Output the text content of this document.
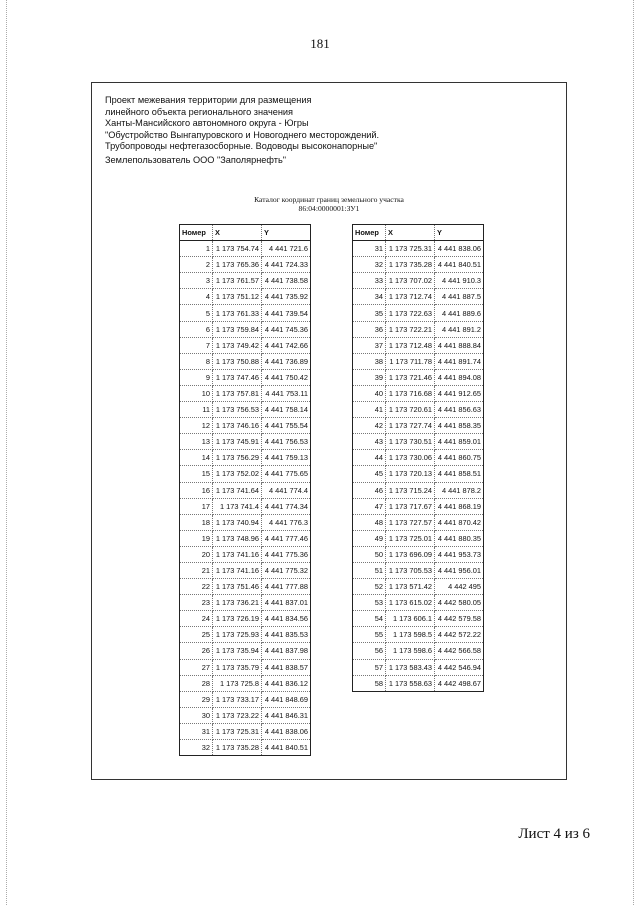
181
Проект межевания территории для размещения
линейного объекта регионального значения
Ханты-Мансийского автономного округа - Югры
"Обустройство Вынгапуровского и Новогоднего месторождений.
Трубопроводы нефтегазосборные. Водоводы высоконапорные"
Землепользователь ООО "Заполярнефть"
Каталог координат границ земельного участка
86:04:0000001:ЗУ1
Номер	X	Y
1	1 173 754.74	4 441 721.6
2	1 173 765.36	4 441 724.33
3	1 173 761.57	4 441 738.58
4	1 173 751.12	4 441 735.92
5	1 173 761.33	4 441 739.54
6	1 173 759.84	4 441 745.36
7	1 173 749.42	4 441 742.66
8	1 173 750.88	4 441 736.89
9	1 173 747.46	4 441 750.42
10	1 173 757.81	4 441 753.11
11	1 173 756.53	4 441 758.14
12	1 173 746.16	4 441 755.54
13	1 173 745.91	4 441 756.53
14	1 173 756.29	4 441 759.13
15	1 173 752.02	4 441 775.65
16	1 173 741.64	4 441 774.4
17	1 173 741.4	4 441 774.34
18	1 173 740.94	4 441 776.3
19	1 173 748.96	4 441 777.46
20	1 173 741.16	4 441 775.36
21	1 173 741.16	4 441 775.32
22	1 173 751.46	4 441 777.88
23	1 173 736.21	4 441 837.01
24	1 173 726.19	4 441 834.56
25	1 173 725.93	4 441 835.53
26	1 173 735.94	4 441 837.98
27	1 173 735.79	4 441 838.57
28	1 173 725.8	4 441 836.12
29	1 173 733.17	4 441 848.69
30	1 173 723.22	4 441 846.31
31	1 173 725.31	4 441 838.06
32	1 173 735.28	4 441 840.51
Номер	X	Y
31	1 173 725.31	4 441 838.06
32	1 173 735.28	4 441 840.51
33	1 173 707.02	4 441 910.3
34	1 173 712.74	4 441 887.5
35	1 173 722.63	4 441 889.6
36	1 173 722.21	4 441 891.2
37	1 173 712.48	4 441 888.84
38	1 173 711.78	4 441 891.74
39	1 173 721.46	4 441 894.08
40	1 173 716.68	4 441 912.65
41	1 173 720.61	4 441 856.63
42	1 173 727.74	4 441 858.35
43	1 173 730.51	4 441 859.01
44	1 173 730.06	4 441 860.75
45	1 173 720.13	4 441 858.51
46	1 173 715.24	4 441 878.2
47	1 173 717.67	4 441 868.19
48	1 173 727.57	4 441 870.42
49	1 173 725.01	4 441 880.35
50	1 173 696.09	4 441 953.73
51	1 173 705.53	4 441 956.01
52	1 173 571.42	4 442 495
53	1 173 615.02	4 442 580.05
54	1 173 606.1	4 442 579.58
55	1 173 598.5	4 442 572.22
56	1 173 598.6	4 442 566.58
57	1 173 583.43	4 442 546.94
58	1 173 558.63	4 442 498.67
Лист 4 из 6
